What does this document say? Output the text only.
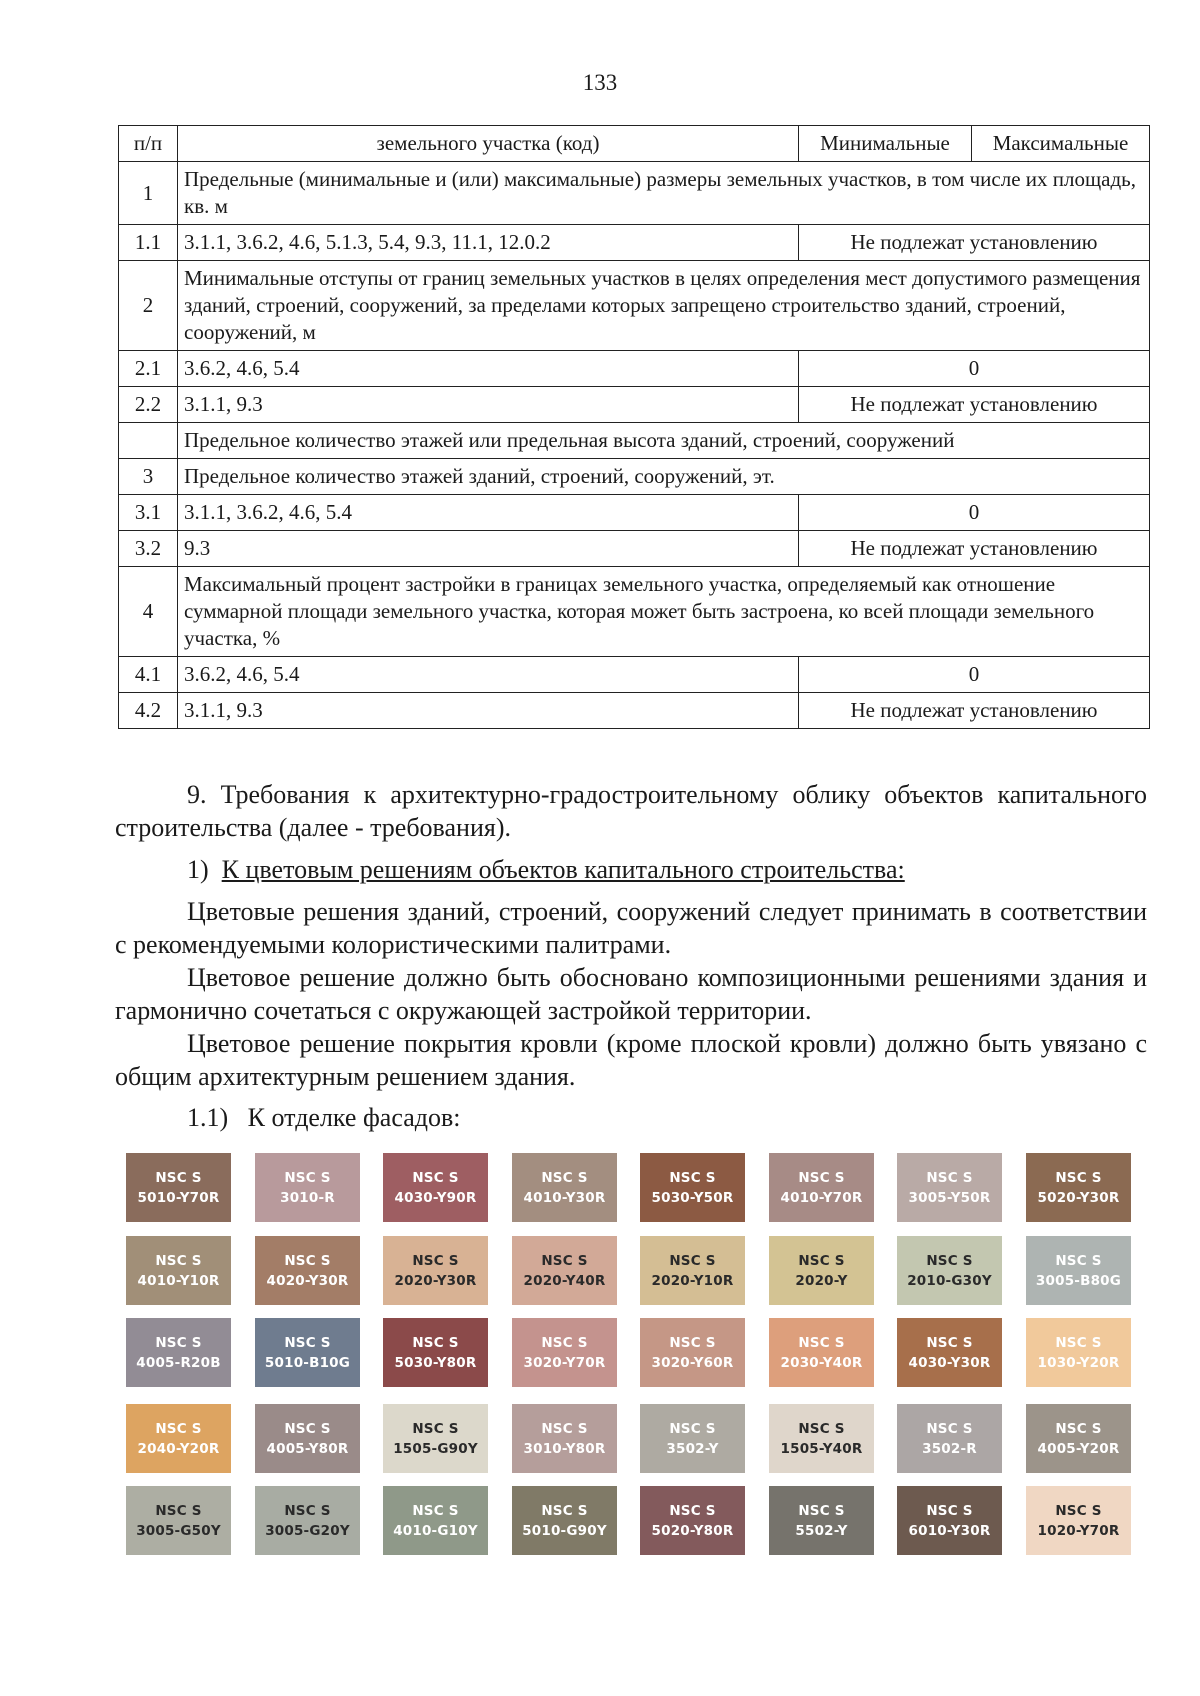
133
п/п	земельного участка (код)	Минимальные	Максимальные
1	Предельные (минимальные и (или) максимальные) размеры земельных участков, в том числе их площадь, кв. м		
1.1	3.1.1, 3.6.2, 4.6, 5.1.3, 5.4, 9.3, 11.1, 12.0.2	Не подлежат установлению	
2	Минимальные отступы от границ земельных участков в целях определения мест допустимого размещения зданий, строений, сооружений, за пределами которых запрещено строительство зданий, строений, сооружений, м		
2.1	3.6.2, 4.6, 5.4	0	
2.2	3.1.1, 9.3	Не подлежат установлению	
	Предельное количество этажей или предельная высота зданий, строений, сооружений		
3	Предельное количество этажей зданий, строений, сооружений, эт.		
3.1	3.1.1, 3.6.2, 4.6, 5.4	0	
3.2	9.3	Не подлежат установлению	
4	Максимальный процент застройки в границах земельного участка, определяемый как отношение суммарной площади земельного участка, которая может быть застроена, ко всей площади земельного участка, %		
4.1	3.6.2, 4.6, 5.4	0	
4.2	3.1.1, 9.3	Не подлежат установлению	

9. Требования к архитектурно-градостроительному облику объектов капитального строительства (далее - требования).

1) К цветовым решениям объектов капитального строительства:

Цветовые решения зданий, строений, сооружений следует принимать в соответствии с рекомендуемыми колористическими палитрами.

Цветовое решение должно быть обосновано композиционными решениями здания и гармонично сочетаться с окружающей застройкой территории.

Цветовое решение покрытия кровли (кроме плоской кровли) должно быть увязано с общим архитектурным решением здания.

1.1) К отделке фасадов:

NSC S
5010-Y70R
NSC S
3010-R
NSC S
4030-Y90R
NSC S
4010-Y30R
NSC S
5030-Y50R
NSC S
4010-Y70R
NSC S
3005-Y50R
NSC S
5020-Y30R
NSC S
4010-Y10R
NSC S
4020-Y30R
NSC S
2020-Y30R
NSC S
2020-Y40R
NSC S
2020-Y10R
NSC S
2020-Y
NSC S
2010-G30Y
NSC S
3005-B80G
NSC S
4005-R20B
NSC S
5010-B10G
NSC S
5030-Y80R
NSC S
3020-Y70R
NSC S
3020-Y60R
NSC S
2030-Y40R
NSC S
4030-Y30R
NSC S
1030-Y20R
NSC S
2040-Y20R
NSC S
4005-Y80R
NSC S
1505-G90Y
NSC S
3010-Y80R
NSC S
3502-Y
NSC S
1505-Y40R
NSC S
3502-R
NSC S
4005-Y20R
NSC S
3005-G50Y
NSC S
3005-G20Y
NSC S
4010-G10Y
NSC S
5010-G90Y
NSC S
5020-Y80R
NSC S
5502-Y
NSC S
6010-Y30R
NSC S
1020-Y70R
